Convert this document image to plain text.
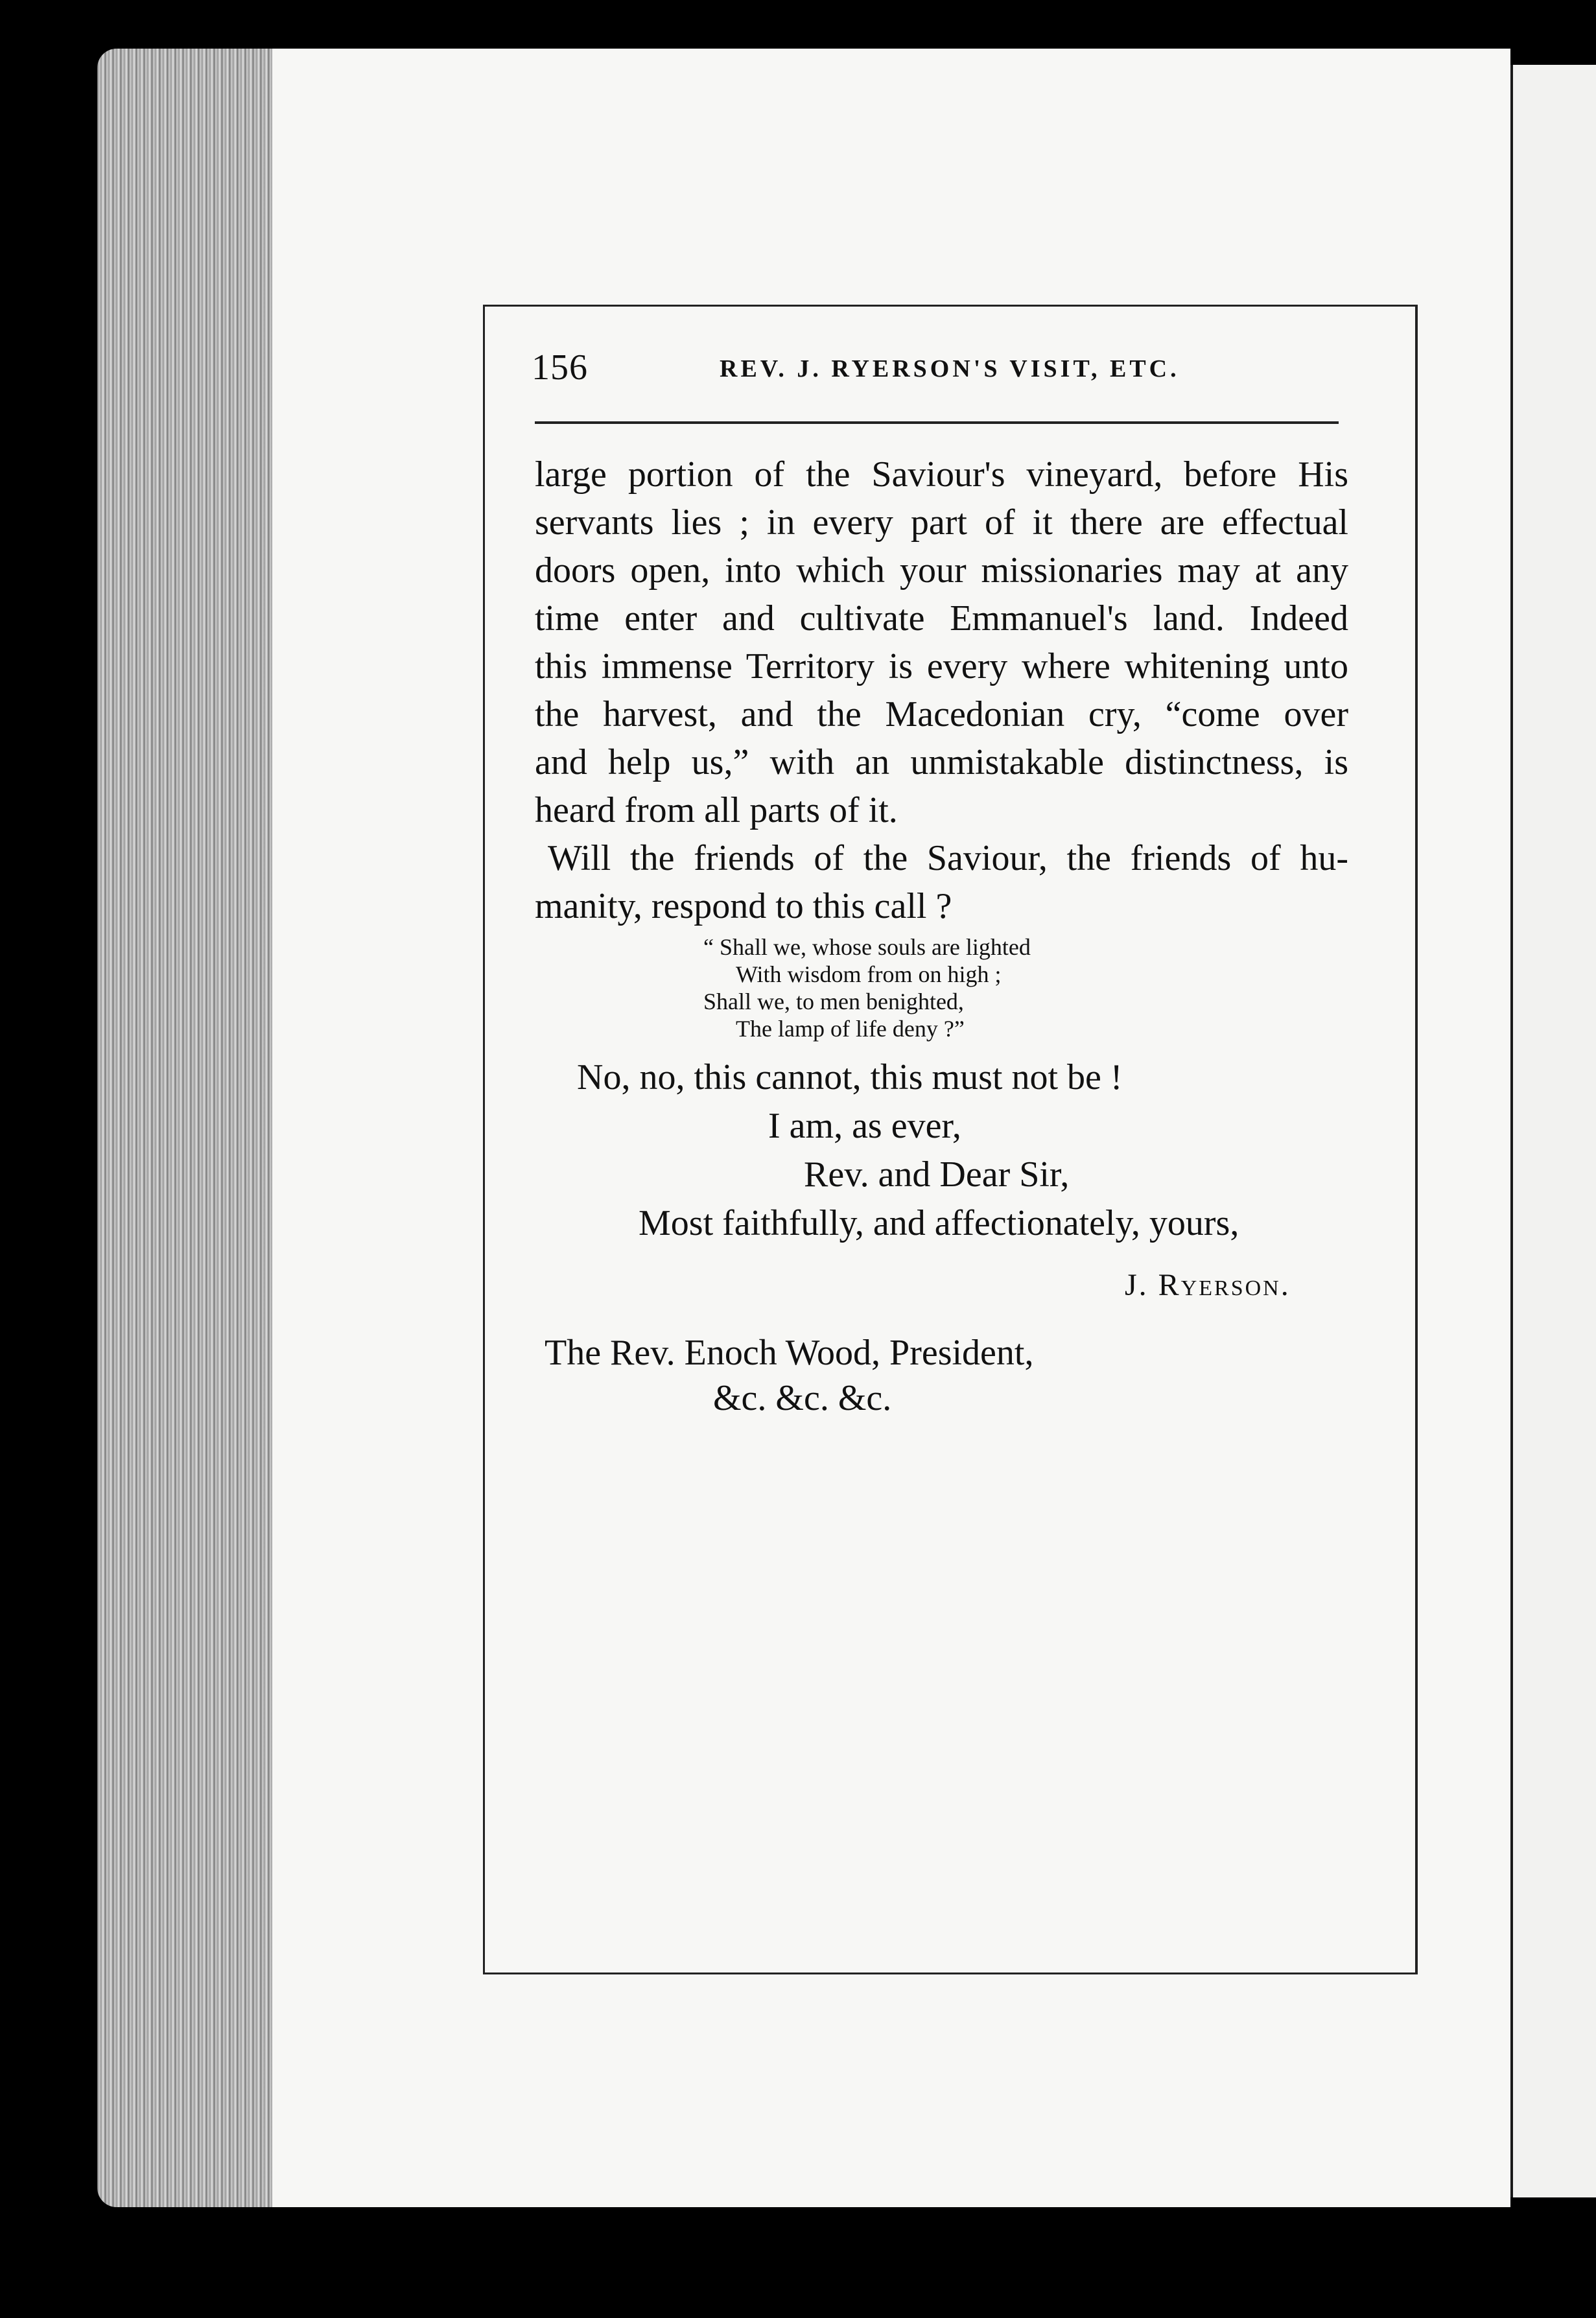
156	REV. J. RYERSON'S VISIT, ETC.
large portion of the Saviour's vineyard, before His
servants lies ; in every part of it there are effectual
doors open, into which your missionaries may at any
time enter and cultivate Emmanuel's land. Indeed
this immense Territory is every where whitening unto
the harvest, and the Macedonian cry, “come over
and help us,” with an unmistakable distinctness, is
heard from all parts of it.
Will the friends of the Saviour, the friends of hu-
manity, respond to this call ?
“ Shall we, whose souls are lighted
With wisdom from on high ;
Shall we, to men benighted,
The lamp of life deny ?”
No, no, this cannot, this must not be !
I am, as ever,
Rev. and Dear Sir,
Most faithfully, and affectionately, yours,
J. Ryerson.
The Rev. Enoch Wood, President,
&c. &c. &c.
